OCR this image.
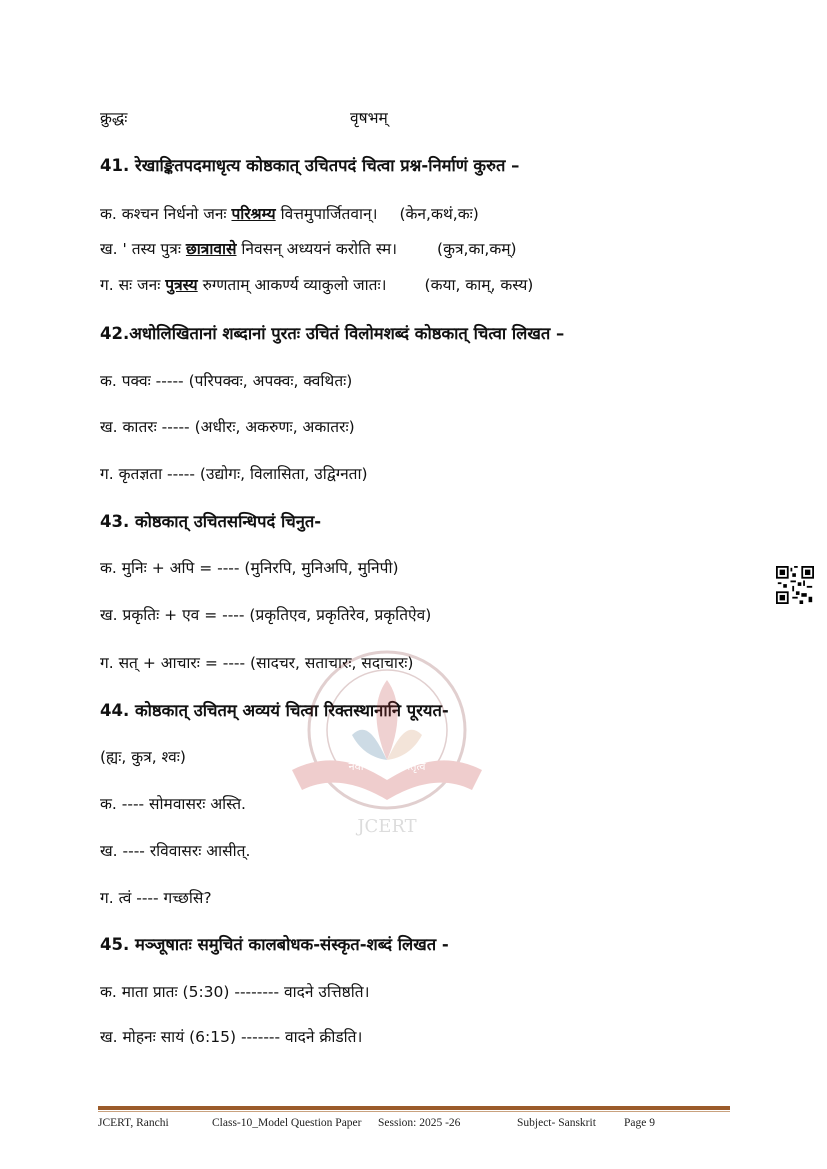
क्रुद्धः	वृषभम्
41. रेखाङ्कितपदमाधृत्य कोष्ठकात् उचितपदं चित्वा प्रश्न-निर्माणं कुरुत –
क. कश्चन निर्धनो जनः परिश्रम्य वित्तमुपार्जितवान्। (केन,कथं,कः)
ख. ' तस्य पुत्रः छात्रावासे निवसन् अध्ययनं करोति स्म।	(कुत्र,का,कम्)
ग. सः जनः पुत्रस्य रुग्णताम् आकर्ण्य व्याकुलो जातः। (कया, काम्, कस्य)
42.अधोलिखितानां शब्दानां पुरतः उचितं विलोमशब्दं कोष्ठकात् चित्वा लिखत –
क. पक्वः ----- (परिपक्वः, अपक्वः, क्वथितः)
ख. कातरः ----- (अधीरः, अकरुणः, अकातरः)
ग. कृतज्ञता ----- (उद्योगः, विलासिता, उद्विग्नता)
43. कोष्ठकात् उचितसन्धिपदं चिनुत-
क. मुनिः + अपि = ---- (मुनिरपि, मुनिअपि, मुनिपी)
ख. प्रकृतिः + एव = ---- (प्रकृतिएव, प्रकृतिरेव, प्रकृतिऐव)
ग. सत् + आचारः = ---- (सादचर, सताचारः, सदाचारः)
44. कोष्ठकात् उचितम् अव्ययं चित्वा रिक्तस्थानानि पूरयत-
(ह्यः, कुत्र, श्वः)
क. ---- सोमवासरः अस्ति.
ख. ---- रविवासरः आसीत्.
ग. त्वं ---- गच्छसि?
45. मञ्जूषातः समुचितं कालबोधक-संस्कृत-शब्दं लिखत -
क. माता प्रातः (5:30) -------- वादने उत्तिष्ठति।
ख. मोहनः सायं (6:15) ------- वादने क्रीडति।
नवोन्मेष शोध नेतृत्व
JCERT
JCERT, Ranchi	Class-10_Model Question Paper Session: 2025 -26	Subject- Sanskrit Page 9
